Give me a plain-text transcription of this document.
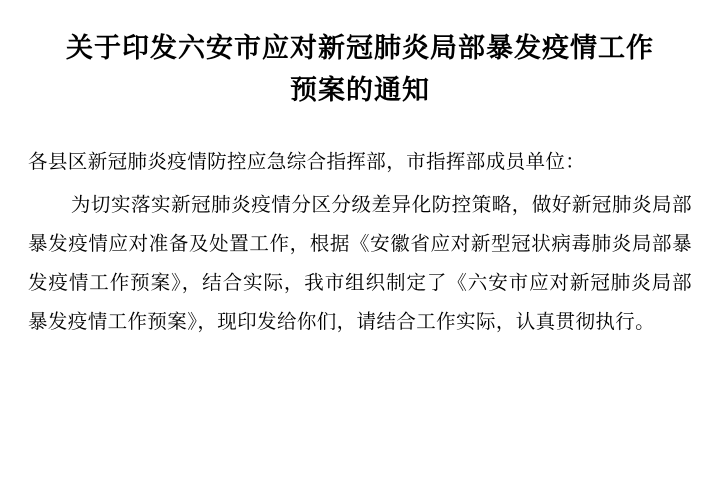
关于印发六安市应对新冠肺炎局部暴发疫情工作预案的通知

各县区新冠肺炎疫情防控应急综合指挥部，市指挥部成员单位：

为切实落实新冠肺炎疫情分区分级差异化防控策略，做好新冠肺炎局部暴发疫情应对准备及处置工作，根据《安徽省应对新型冠状病毒肺炎局部暴发疫情工作预案》，结合实际，我市组织制定了《六安市应对新冠肺炎局部暴发疫情工作预案》，现印发给你们，请结合工作实际，认真贯彻执行。
